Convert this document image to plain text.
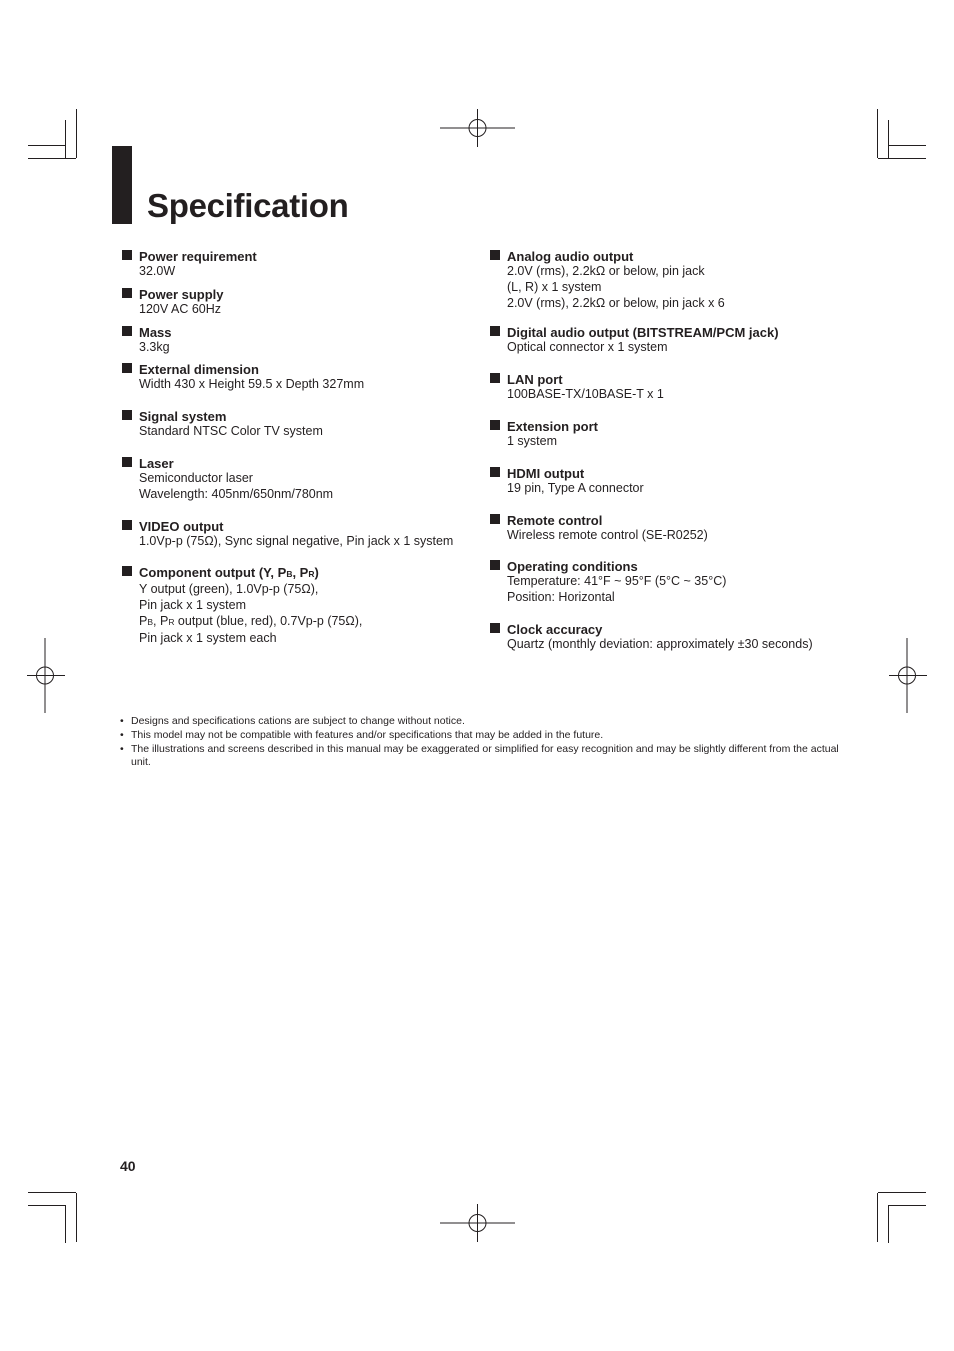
Specification
Power requirement
32.0W
Power supply
120V AC 60Hz
Mass
3.3kg
External dimension
Width 430 x Height 59.5 x Depth 327mm
Signal system
Standard NTSC Color TV system
Laser
Semiconductor laser
Wavelength: 405nm/650nm/780nm
VIDEO output
1.0Vp-p (75Ω), Sync signal negative, Pin jack x 1 system
Component output (Y, PB, PR)
Y output (green), 1.0Vp-p (75Ω),
Pin jack x 1 system
PB, PR output (blue, red), 0.7Vp-p (75Ω),
Pin jack x 1 system each
Analog audio output
2.0V (rms), 2.2kΩ or below, pin jack
(L, R) x 1 system
2.0V (rms), 2.2kΩ or below, pin jack x 6
Digital audio output (BITSTREAM/PCM jack)
Optical connector x 1 system
LAN port
100BASE-TX/10BASE-T x 1
Extension port
1 system
HDMI output
19 pin, Type A connector
Remote control
Wireless remote control (SE-R0252)
Operating conditions
Temperature: 41°F ~ 95°F (5°C ~ 35°C)
Position: Horizontal
Clock accuracy
Quartz (monthly deviation: approximately ±30 seconds)
• Designs and specifications cations are subject to change without notice.
• This model may not be compatible with features and/or specifications that may be added in the future.
• The illustrations and screens described in this manual may be exaggerated or simplified for easy recognition and may be slightly different from the actual unit.
40
